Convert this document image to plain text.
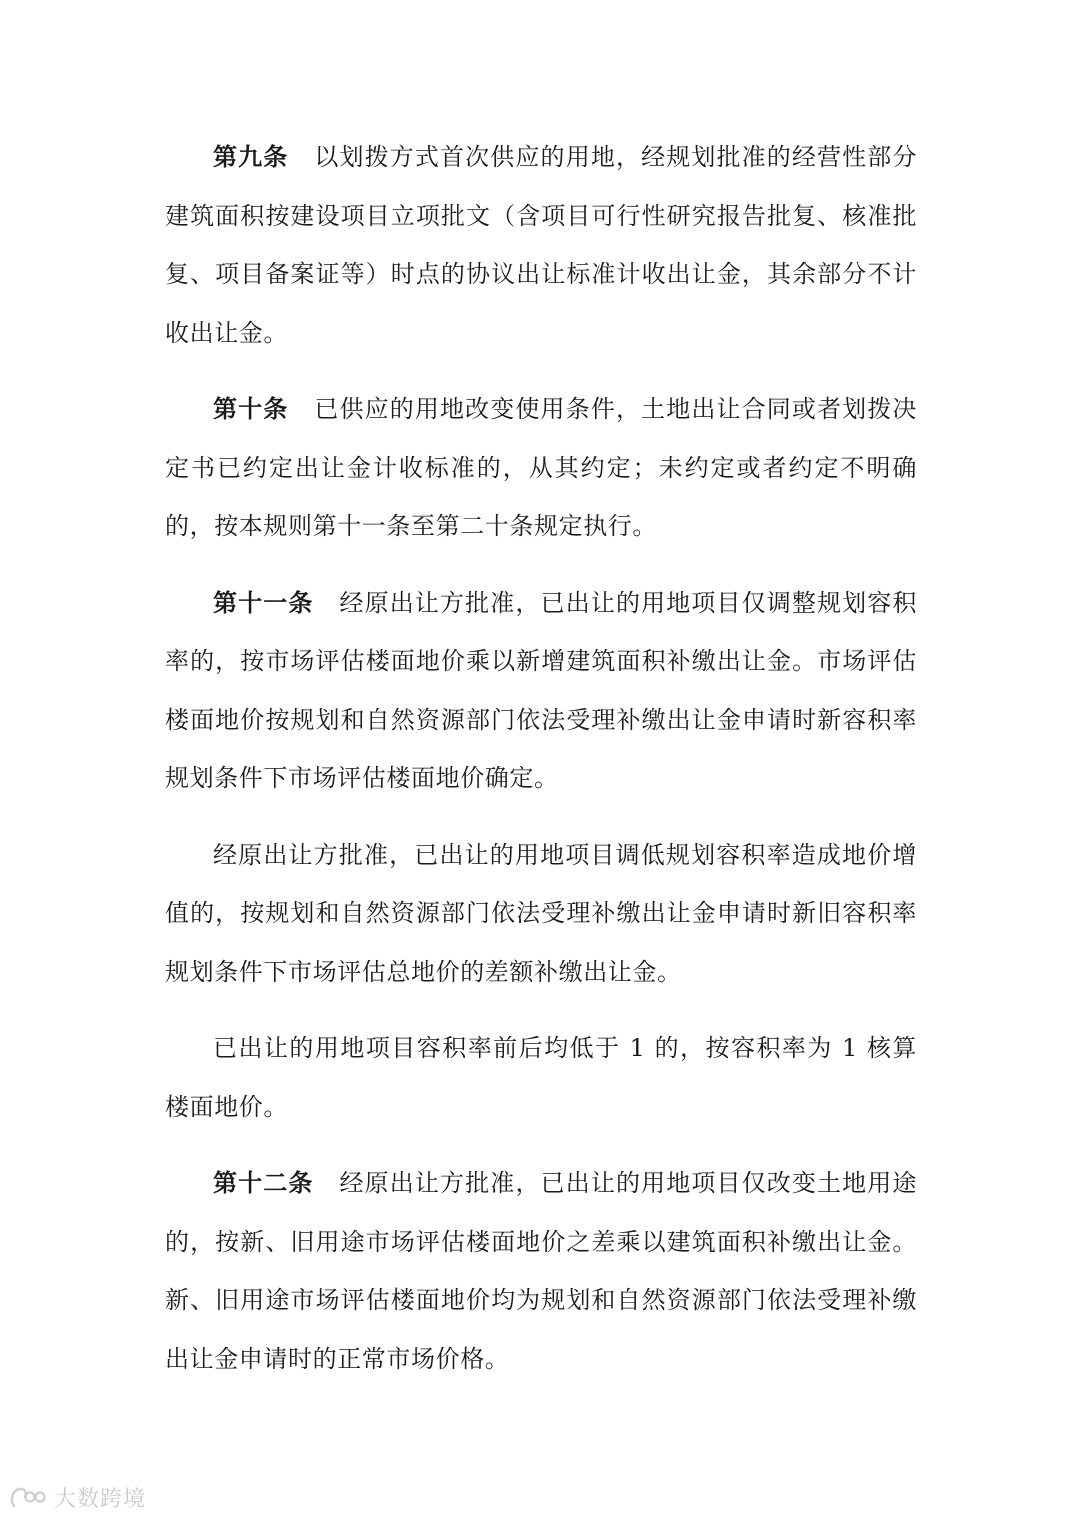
第九条 以划拨方式首次供应的用地，经规划批准的经营性部分建筑面积按建设项目立项批文（含项目可行性研究报告批复、核准批复、项目备案证等）时点的协议出让标准计收出让金，其余部分不计收出让金。

第十条 已供应的用地改变使用条件，土地出让合同或者划拨决定书已约定出让金计收标准的，从其约定；未约定或者约定不明确的，按本规则第十一条至第二十条规定执行。

第十一条 经原出让方批准，已出让的用地项目仅调整规划容积率的，按市场评估楼面地价乘以新增建筑面积补缴出让金。市场评估楼面地价按规划和自然资源部门依法受理补缴出让金申请时新容积率规划条件下市场评估楼面地价确定。

经原出让方批准，已出让的用地项目调低规划容积率造成地价增值的，按规划和自然资源部门依法受理补缴出让金申请时新旧容积率规划条件下市场评估总地价的差额补缴出让金。

已出让的用地项目容积率前后均低于 1 的，按容积率为 1 核算楼面地价。

第十二条 经原出让方批准，已出让的用地项目仅改变土地用途的，按新、旧用途市场评估楼面地价之差乘以建筑面积补缴出让金。新、旧用途市场评估楼面地价均为规划和自然资源部门依法受理补缴出让金申请时的正常市场价格。

大数跨境
